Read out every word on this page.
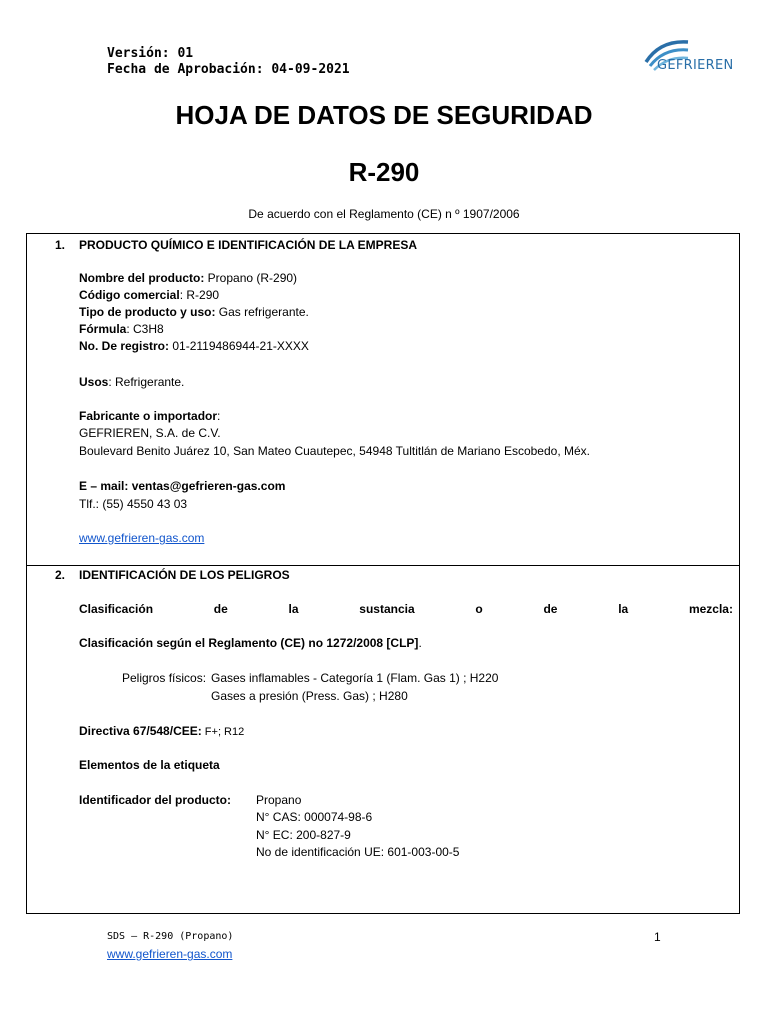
Versión: 01
Fecha de Aprobación: 04-09-2021	GEFRIEREN
HOJA DE DATOS DE SEGURIDAD
R-290
De acuerdo con el Reglamento (CE) n º 1907/2006
1. PRODUCTO QUÍMICO E IDENTIFICACIÓN DE LA EMPRESA
Nombre del producto: Propano (R-290)
Código comercial: R-290
Tipo de producto y uso: Gas refrigerante.
Fórmula: C3H8
No. De registro: 01-2119486944-21-XXXX
Usos: Refrigerante.
Fabricante o importador:
GEFRIEREN, S.A. de C.V.
Boulevard Benito Juárez 10, San Mateo Cuautepec, 54948 Tultitlán de Mariano Escobedo, Méx.
E – mail: ventas@gefrieren-gas.com
Tlf.: (55) 4550 43 03
www.gefrieren-gas.com
2. IDENTIFICACIÓN DE LOS PELIGROS
Clasificación	de	la	sustancia	o	de	la	mezcla:
Clasificación según el Reglamento (CE) no 1272/2008 [CLP].
Peligros físicos: Gases inflamables - Categoría 1 (Flam. Gas 1) ; H220
Gases a presión (Press. Gas) ; H280
Directiva 67/548/CEE: F+; R12
Elementos de la etiqueta
Identificador del producto: Propano
N° CAS: 000074-98-6
N° EC: 200-827-9
No de identificación UE: 601-003-00-5
SDS – R-290 (Propano)
www.gefrieren-gas.com
1
